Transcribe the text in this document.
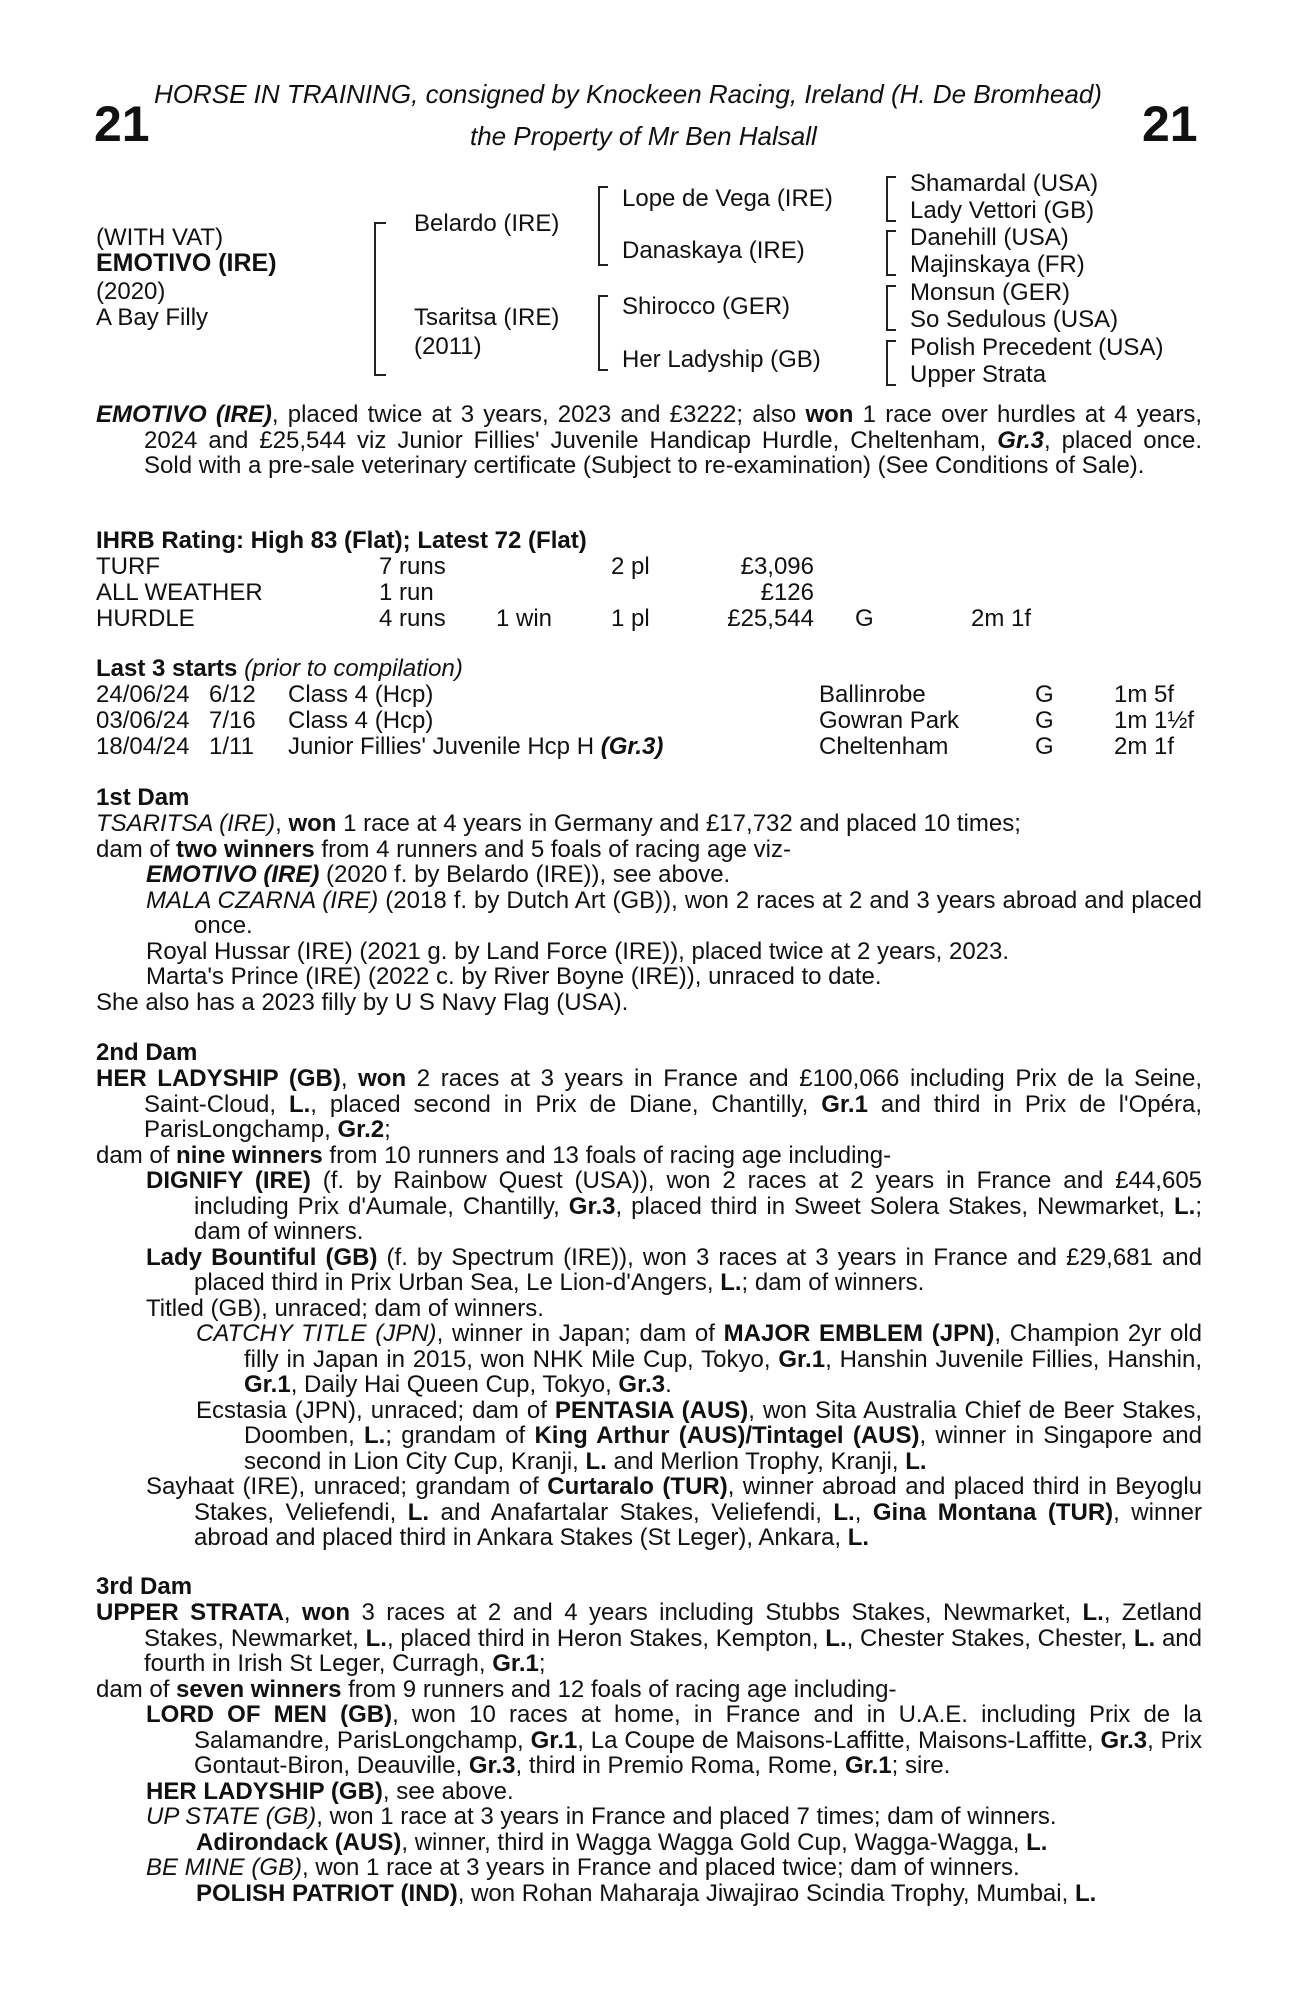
HORSE IN TRAINING, consigned by Knockeen Racing, Ireland (H. De Bromhead)
21	the Property of Mr Ben Halsall	21
(WITH VAT)
EMOTIVO (IRE)
(2020)
A Bay Filly
Belardo (IRE)
Tsaritsa (IRE)
(2011)
Lope de Vega (IRE)
Danaskaya (IRE)
Shirocco (GER)
Her Ladyship (GB)
Shamardal (USA)
Lady Vettori (GB)
Danehill (USA)
Majinskaya (FR)
Monsun (GER)
So Sedulous (USA)
Polish Precedent (USA)
Upper Strata

EMOTIVO (IRE), placed twice at 3 years, 2023 and £3222; also won 1 race over hurdles at 4 years, 2024 and £25,544 viz Junior Fillies' Juvenile Handicap Hurdle, Cheltenham, Gr.3, placed once. Sold with a pre-sale veterinary certificate (Subject to re-examination) (See Conditions of Sale).

IHRB Rating: High 83 (Flat); Latest 72 (Flat)
TURF	7 runs	2 pl	£3,096
ALL WEATHER	1 run	£126
HURDLE	4 runs 1 win 1 pl	£25,544 G	2m 1f
Last 3 starts (prior to compilation)
24/06/24 6/12 Class 4 (Hcp)	Ballinrobe	G	1m 5f
03/06/24 7/16 Class 4 (Hcp)	Gowran Park	G	1m 1½f
18/04/24 1/11 Junior Fillies' Juvenile Hcp H (Gr.3)	Cheltenham	G	2m 1f
1st Dam

TSARITSA (IRE), won 1 race at 4 years in Germany and £17,732 and placed 10 times;

dam of two winners from 4 runners and 5 foals of racing age viz-

EMOTIVO (IRE) (2020 f. by Belardo (IRE)), see above.

MALA CZARNA (IRE) (2018 f. by Dutch Art (GB)), won 2 races at 2 and 3 years abroad and placed once.

Royal Hussar (IRE) (2021 g. by Land Force (IRE)), placed twice at 2 years, 2023.

Marta's Prince (IRE) (2022 c. by River Boyne (IRE)), unraced to date.

She also has a 2023 filly by U S Navy Flag (USA).

2nd Dam

HER LADYSHIP (GB), won 2 races at 3 years in France and £100,066 including Prix de la Seine, Saint-Cloud, L., placed second in Prix de Diane, Chantilly, Gr.1 and third in Prix de l'Opéra, ParisLongchamp, Gr.2;

dam of nine winners from 10 runners and 13 foals of racing age including-

DIGNIFY (IRE) (f. by Rainbow Quest (USA)), won 2 races at 2 years in France and £44,605 including Prix d'Aumale, Chantilly, Gr.3, placed third in Sweet Solera Stakes, Newmarket, L.; dam of winners.

Lady Bountiful (GB) (f. by Spectrum (IRE)), won 3 races at 3 years in France and £29,681 and placed third in Prix Urban Sea, Le Lion-d'Angers, L.; dam of winners.

Titled (GB), unraced; dam of winners.

CATCHY TITLE (JPN), winner in Japan; dam of MAJOR EMBLEM (JPN), Champion 2yr old filly in Japan in 2015, won NHK Mile Cup, Tokyo, Gr.1, Hanshin Juvenile Fillies, Hanshin, Gr.1, Daily Hai Queen Cup, Tokyo, Gr.3.

Ecstasia (JPN), unraced; dam of PENTASIA (AUS), won Sita Australia Chief de Beer Stakes, Doomben, L.; grandam of King Arthur (AUS)/Tintagel (AUS), winner in Singapore and second in Lion City Cup, Kranji, L. and Merlion Trophy, Kranji, L.

Sayhaat (IRE), unraced; grandam of Curtaralo (TUR), winner abroad and placed third in Beyoglu Stakes, Veliefendi, L. and Anafartalar Stakes, Veliefendi, L., Gina Montana (TUR), winner abroad and placed third in Ankara Stakes (St Leger), Ankara, L.

3rd Dam

UPPER STRATA, won 3 races at 2 and 4 years including Stubbs Stakes, Newmarket, L., Zetland Stakes, Newmarket, L., placed third in Heron Stakes, Kempton, L., Chester Stakes, Chester, L. and fourth in Irish St Leger, Curragh, Gr.1;

dam of seven winners from 9 runners and 12 foals of racing age including-

LORD OF MEN (GB), won 10 races at home, in France and in U.A.E. including Prix de la Salamandre, ParisLongchamp, Gr.1, La Coupe de Maisons-Laffitte, Maisons-Laffitte, Gr.3, Prix Gontaut-Biron, Deauville, Gr.3, third in Premio Roma, Rome, Gr.1; sire.

HER LADYSHIP (GB), see above.

UP STATE (GB), won 1 race at 3 years in France and placed 7 times; dam of winners.

Adirondack (AUS), winner, third in Wagga Wagga Gold Cup, Wagga-Wagga, L.

BE MINE (GB), won 1 race at 3 years in France and placed twice; dam of winners.

POLISH PATRIOT (IND), won Rohan Maharaja Jiwajirao Scindia Trophy, Mumbai, L.
